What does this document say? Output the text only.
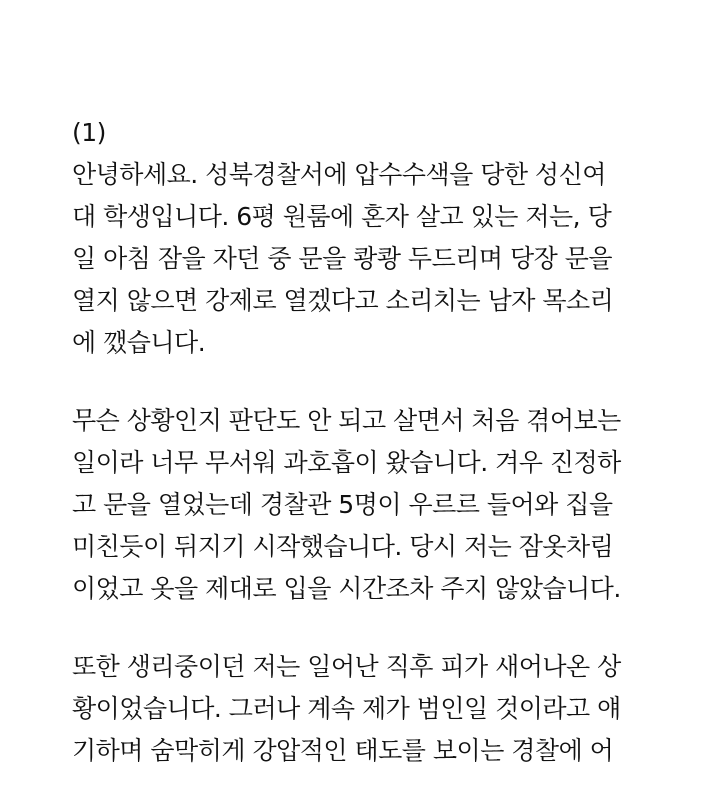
(1)
안녕하세요. 성북경찰서에 압수수색을 당한 성신여
대 학생입니다. 6평 원룸에 혼자 살고 있는 저는, 당
일 아침 잠을 자던 중 문을 쾅쾅 두드리며 당장 문을
열지 않으면 강제로 열겠다고 소리치는 남자 목소리
에 깼습니다.
무슨 상황인지 판단도 안 되고 살면서 처음 겪어보는
일이라 너무 무서워 과호흡이 왔습니다. 겨우 진정하
고 문을 열었는데 경찰관 5명이 우르르 들어와 집을
미친듯이 뒤지기 시작했습니다. 당시 저는 잠옷차림
이었고 옷을 제대로 입을 시간조차 주지 않았습니다.
또한 생리중이던 저는 일어난 직후 피가 새어나온 상
황이었습니다. 그러나 계속 제가 범인일 것이라고 얘
기하며 숨막히게 강압적인 태도를 보이는 경찰에 어
